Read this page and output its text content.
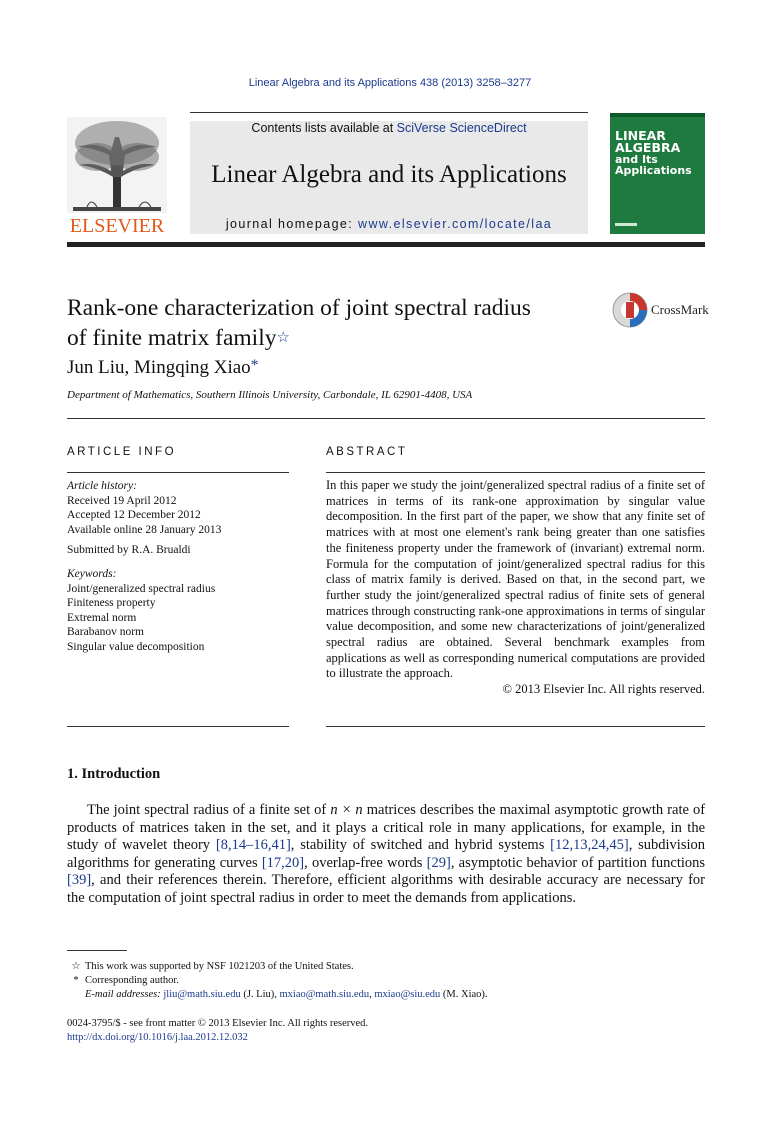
Linear Algebra and its Applications 438 (2013) 3258–3277
ELSEVIER
Contents lists available at SciVerse ScienceDirect
Linear Algebra and its Applications
journal homepage: www.elsevier.com/locate/laa
LINEAR
ALGEBRA
and Its
Applications
Rank-one characterization of joint spectral radius
of finite matrix family☆
CrossMark
Jun Liu, Mingqing Xiao*
Department of Mathematics, Southern Illinois University, Carbondale, IL 62901-4408, USA
ARTICLE INFO	ABSTRACT
Article history:
Received 19 April 2012
Accepted 12 December 2012
Available online 28 January 2013
Submitted by R.A. Brualdi
Keywords:
Joint/generalized spectral radius
Finiteness property
Extremal norm
Barabanov norm
Singular value decomposition
In this paper we study the joint/generalized spectral radius of a finite set of matrices in terms of its rank-one approximation by singular value decomposition. In the first part of the paper, we show that any finite set of matrices with at most one element's rank being greater than one satisfies the finiteness property under the framework of (invariant) extremal norm. Formula for the computation of joint/generalized spectral radius for this class of matrix family is derived. Based on that, in the second part, we further study the joint/generalized spectral radius of finite sets of general matrices through constructing rank-one approximations in terms of singular value decomposition, and some new characterizations of joint/generalized spectral radius are obtained. Several benchmark examples from applications as well as corresponding numerical computations are provided to illustrate the approach.
© 2013 Elsevier Inc. All rights reserved.
1. Introduction

The joint spectral radius of a finite set of n × n matrices describes the maximal asymptotic growth rate of products of matrices taken in the set, and it plays a critical role in many applications, for example, in the study of wavelet theory [8,14–16,41], stability of switched and hybrid systems [12,13,24,45], subdivision algorithms for generating curves [17,20], overlap-free words [29], asymptotic behavior of partition functions [39], and their references therein. Therefore, efficient algorithms with desirable accuracy are necessary for the computation of joint spectral radius in order to meet the demands from applications.

☆ This work was supported by NSF 1021203 of the United States.
* Corresponding author.
E-mail addresses: jliu@math.siu.edu (J. Liu), mxiao@math.siu.edu, mxiao@siu.edu (M. Xiao).
0024-3795/$ - see front matter © 2013 Elsevier Inc. All rights reserved.
http://dx.doi.org/10.1016/j.laa.2012.12.032
